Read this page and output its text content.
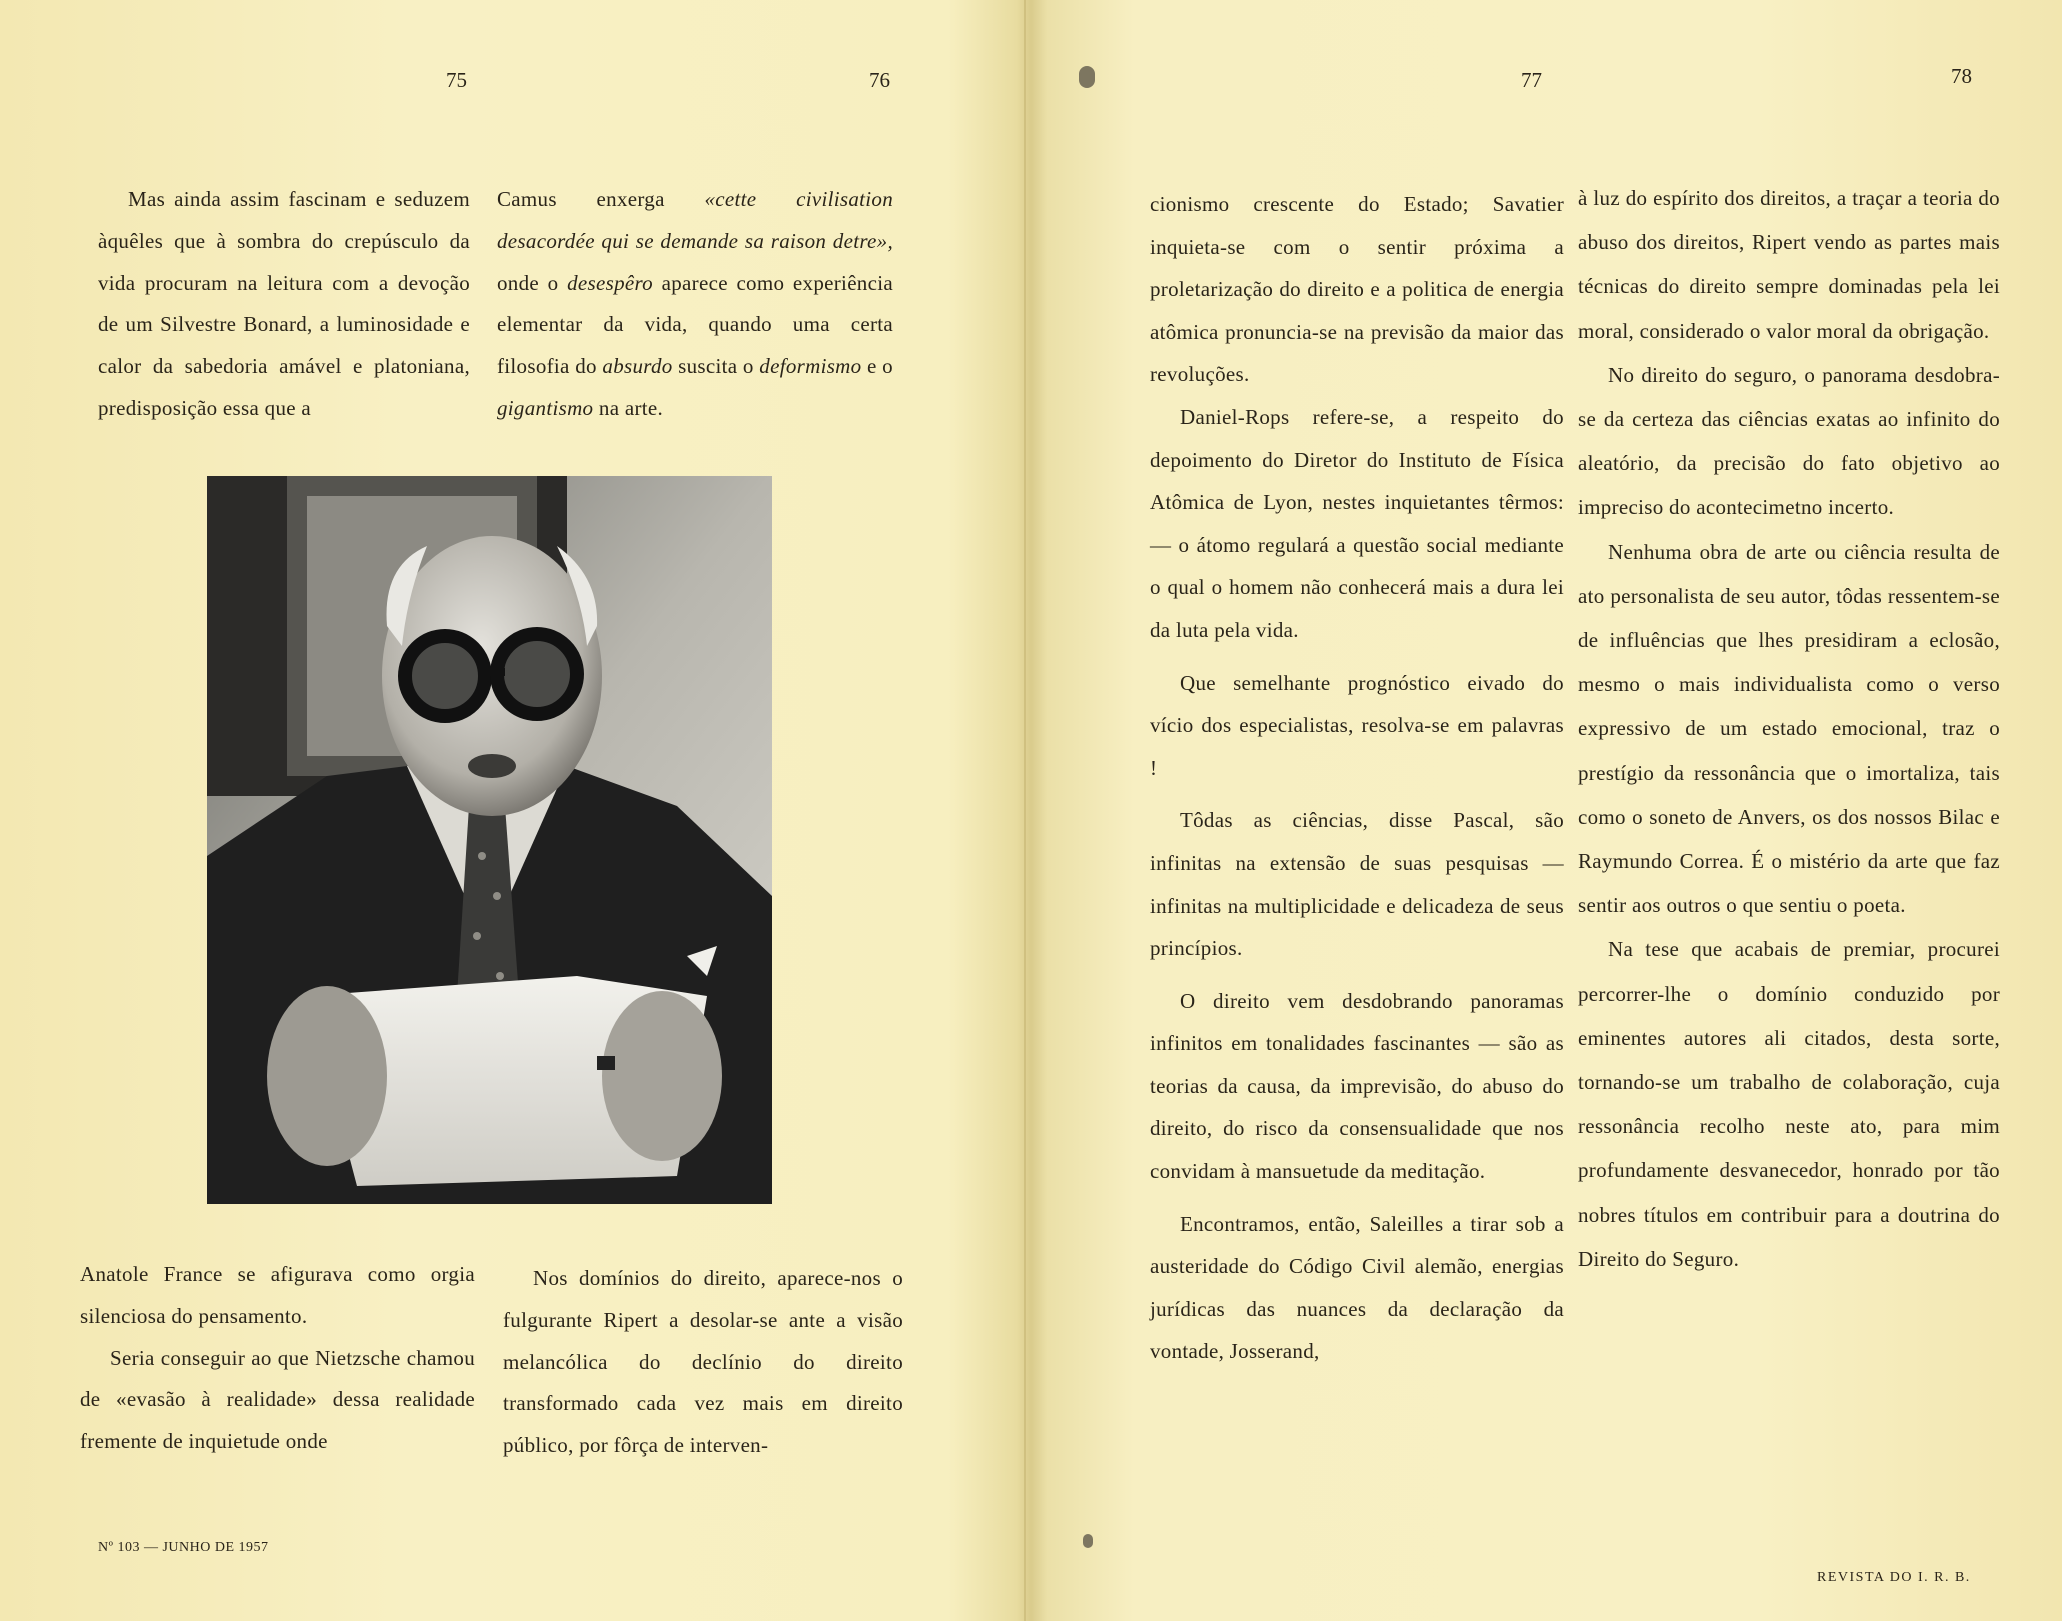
75	76	77	78

Mas ainda assim fascinam e seduzem àquêles que à sombra do crepúsculo da vida procuram na leitura com a devoção de um Silvestre Bonard, a luminosidade e calor da sabedoria amável e platoniana, predisposição essa que a

Camus enxerga «cette civilisation desacordée qui se demande sa raison detre», onde o desespêro aparece como experiência elementar da vida, quando uma certa filosofia do absurdo suscita o deformismo e o gigantismo na arte.

Anatole France se afigurava como orgia silenciosa do pensamento.

Seria conseguir ao que Nietzsche chamou de «evasão à realidade» dessa realidade fremente de inquietude onde

Nos domínios do direito, aparece-nos o fulgurante Ripert a desolar-se ante a visão melancólica do declínio do direito transformado cada vez mais em direito público, por fôrça de interven-

cionismo crescente do Estado; Savatier inquieta-se com o sentir próxima a proletarização do direito e a politica de energia atômica pronuncia-se na previsão da maior das revoluções.

Daniel-Rops refere-se, a respeito do depoimento do Diretor do Instituto de Física Atômica de Lyon, nestes inquietantes têrmos: — o átomo regulará a questão social mediante o qual o homem não conhecerá mais a dura lei da luta pela vida.

Que semelhante prognóstico eivado do vício dos especialistas, resolva-se em palavras !

Tôdas as ciências, disse Pascal, são infinitas na extensão de suas pesquisas — infinitas na multiplicidade e delicadeza de seus princípios.

O direito vem desdobrando panoramas infinitos em tonalidades fascinantes — são as teorias da causa, da imprevisão, do abuso do direito, do risco da consensualidade que nos convidam à mansuetude da meditação.

Encontramos, então, Saleilles a tirar sob a austeridade do Código Civil alemão, energias jurídicas das nuances da declaração da vontade, Josserand,

à luz do espírito dos direitos, a traçar a teoria do abuso dos direitos, Ripert vendo as partes mais técnicas do direito sempre dominadas pela lei moral, considerado o valor moral da obrigação.

No direito do seguro, o panorama desdobra-se da certeza das ciências exatas ao infinito do aleatório, da precisão do fato objetivo ao impreciso do acontecimetno incerto.

Nenhuma obra de arte ou ciência resulta de ato personalista de seu autor, tôdas ressentem-se de influências que lhes presidiram a eclosão, mesmo o mais individualista como o verso expressivo de um estado emocional, traz o prestígio da ressonância que o imortaliza, tais como o soneto de Anvers, os dos nossos Bilac e Raymundo Correa. É o mistério da arte que faz sentir aos outros o que sentiu o poeta.

Na tese que acabais de premiar, procurei percorrer-lhe o domínio conduzido por eminentes autores ali citados, desta sorte, tornando-se um trabalho de colaboração, cuja ressonância recolho neste ato, para mim profundamente desvanecedor, honrado por tão nobres títulos em contribuir para a doutrina do Direito do Seguro.

Nº 103 — JUNHO DE 1957
REVISTA DO I. R. B.
